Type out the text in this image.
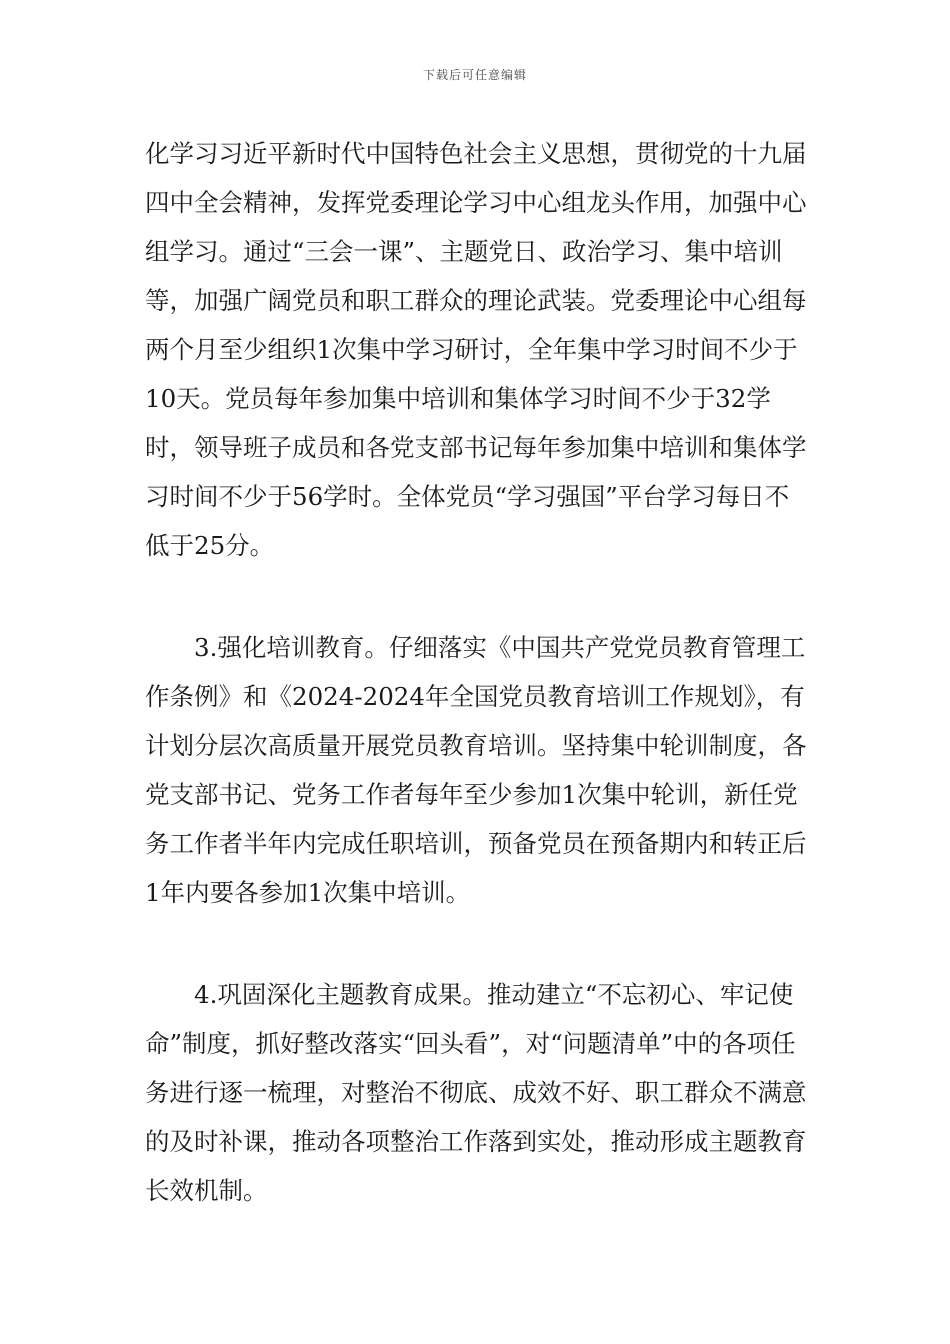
下载后可任意编辑

化学习习近平新时代中国特色社会主义思想，贯彻党的十九届四中全会精神，发挥党委理论学习中心组龙头作用，加强中心组学习。通过“三会一课”、主题党日、政治学习、集中培训等，加强广阔党员和职工群众的理论武装。党委理论中心组每两个月至少组织1次集中学习研讨，全年集中学习时间不少于10天。党员每年参加集中培训和集体学习时间不少于32学时，领导班子成员和各党支部书记每年参加集中培训和集体学习时间不少于56学时。全体党员“学习强国”平台学习每日不低于25分。

3.强化培训教育。仔细落实《中国共产党党员教育管理工作条例》和《2024-2024年全国党员教育培训工作规划》，有计划分层次高质量开展党员教育培训。坚持集中轮训制度，各党支部书记、党务工作者每年至少参加1次集中轮训，新任党务工作者半年内完成任职培训，预备党员在预备期内和转正后1年内要各参加1次集中培训。

4.巩固深化主题教育成果。推动建立“不忘初心、牢记使命”制度，抓好整改落实“回头看”，对“问题清单”中的各项任务进行逐一梳理，对整治不彻底、成效不好、职工群众不满意的及时补课，推动各项整治工作落到实处，推动形成主题教育长效机制。
